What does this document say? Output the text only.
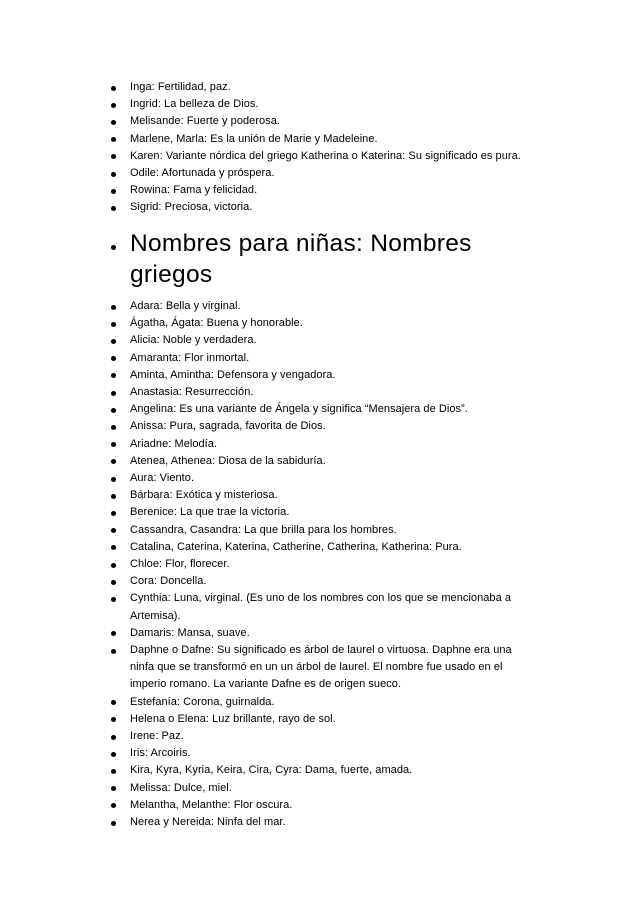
Inga: Fertilidad, paz.
Ingrid: La belleza de Dios.
Melisande: Fuerte y poderosa.
Marlene, Marla: Es la unión de Marie y Madeleine.
Karen: Variante nórdica del griego Katherina o Katerina: Su significado es pura.
Odile: Afortunada y próspera.
Rowina: Fama y felicidad.
Sigrid: Preciosa, victoria.
Nombres para niñas: Nombres griegos
Adara: Bella y virginal.
Ágatha, Ágata: Buena y honorable.
Alicia: Noble y verdadera.
Amaranta: Flor inmortal.
Aminta, Amintha: Defensora y vengadora.
Anastasia: Resurrección.
Angelina: Es una variante de Ángela y significa “Mensajera de Dios”.
Anissa: Pura, sagrada, favorita de Dios.
Ariadne: Melodía.
Atenea, Athenea: Diosa de la sabiduría.
Aura: Viento.
Bárbara: Exótica y misteriosa.
Berenice: La que trae la victoria.
Cassandra, Casandra: La que brilla para los hombres.
Catalina, Caterina, Katerina, Catherine, Catherina, Katherina: Pura.
Chloe: Flor, florecer.
Cora: Doncella.
Cynthia: Luna, virginal. (Es uno de los nombres con los que se mencionaba a Artemisa).
Damaris: Mansa, suave.
Daphne o Dafne: Su significado es árbol de laurel o virtuosa. Daphne era una ninfa que se transformó en un un árbol de laurel. El nombre fue usado en el imperio romano. La variante Dafne es de origen sueco.
Estefanía: Corona, guirnalda.
Helena o Elena: Luz brillante, rayo de sol.
Irene: Paz.
Iris: Arcoiris.
Kira, Kyra, Kyria, Keira, Cira, Cyra: Dama, fuerte, amada.
Melissa: Dulce, miel.
Melantha, Melanthe: Flor oscura.
Nerea y Nereida: Ninfa del mar.
